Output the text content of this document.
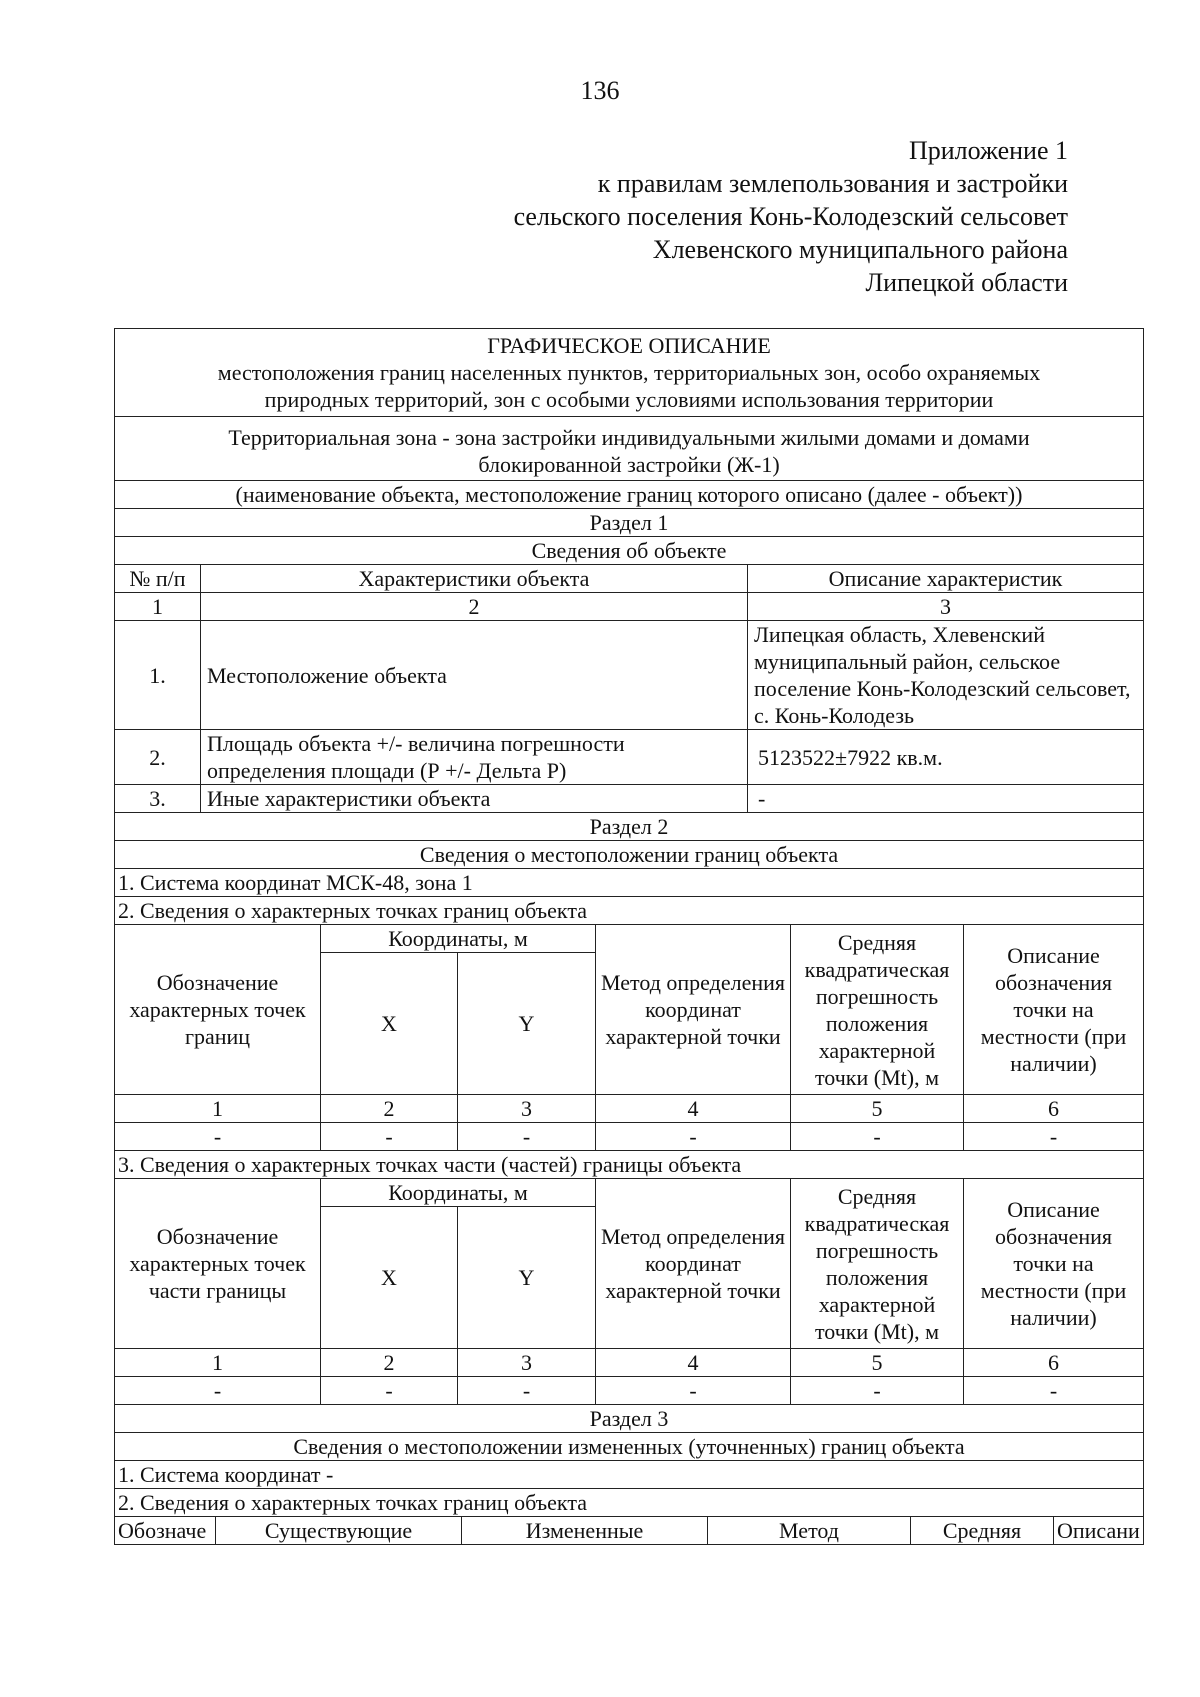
136
Приложение 1
к правилам землепользования и застройки
сельского поселения Конь-Колодезский сельсовет
Хлевенского муниципального района
Липецкой области
ГРАФИЧЕСКОЕ ОПИСАНИЕ		
местоположения границ населенных пунктов, территориальных зон, особо охраняемых природных территорий, зон с особыми условиями использования территории		
Территориальная зона - зона застройки индивидуальными жилыми домами и домами блокированной застройки (Ж-1)		
(наименование объекта, местоположение границ которого описано (далее - объект))		
Раздел 1		
Сведения об объекте		
№ п/п	Характеристики объекта	Описание характеристик
1	2	3
1.	Местоположение объекта	Липецкая область, Хлевенский муниципальный район, сельское поселение Конь-Колодезский сельсовет, с. Конь-Колодезь
2.	Площадь объекта +/- величина погрешности определения площади (Р +/- Дельта Р)	5123522±7922 кв.м.
3.	Иные характеристики объекта	-
Раздел 2					
Сведения о местоположении границ объекта					
1. Система координат МСК-48, зона 1					
2. Сведения о характерных точках границ объекта					
Обозначение характерных точек границ	Координаты, м		Метод определения координат характерной точки	Средняя квадратическая погрешность положения характерной точки (Mt), м	Описание обозначения точки на местности (при наличии)
	X	Y			
1	2	3	4	5	6
-	-	-	-	-	-
3. Сведения о характерных точках части (частей) границы объекта					
Обозначение характерных точек части границы	Координаты, м		Метод определения координат характерной точки	Средняя квадратическая погрешность положения характерной точки (Mt), м	Описание обозначения точки на местности (при наличии)
	X	Y			
1	2	3	4	5	6
-	-	-	-	-	-
Раздел 3
Сведения о местоположении измененных (уточненных) границ объекта
1. Система координат -
2. Сведения о характерных точках границ объекта
Обозначе	Существующие	Измененные	Метод	Средняя	Описани
